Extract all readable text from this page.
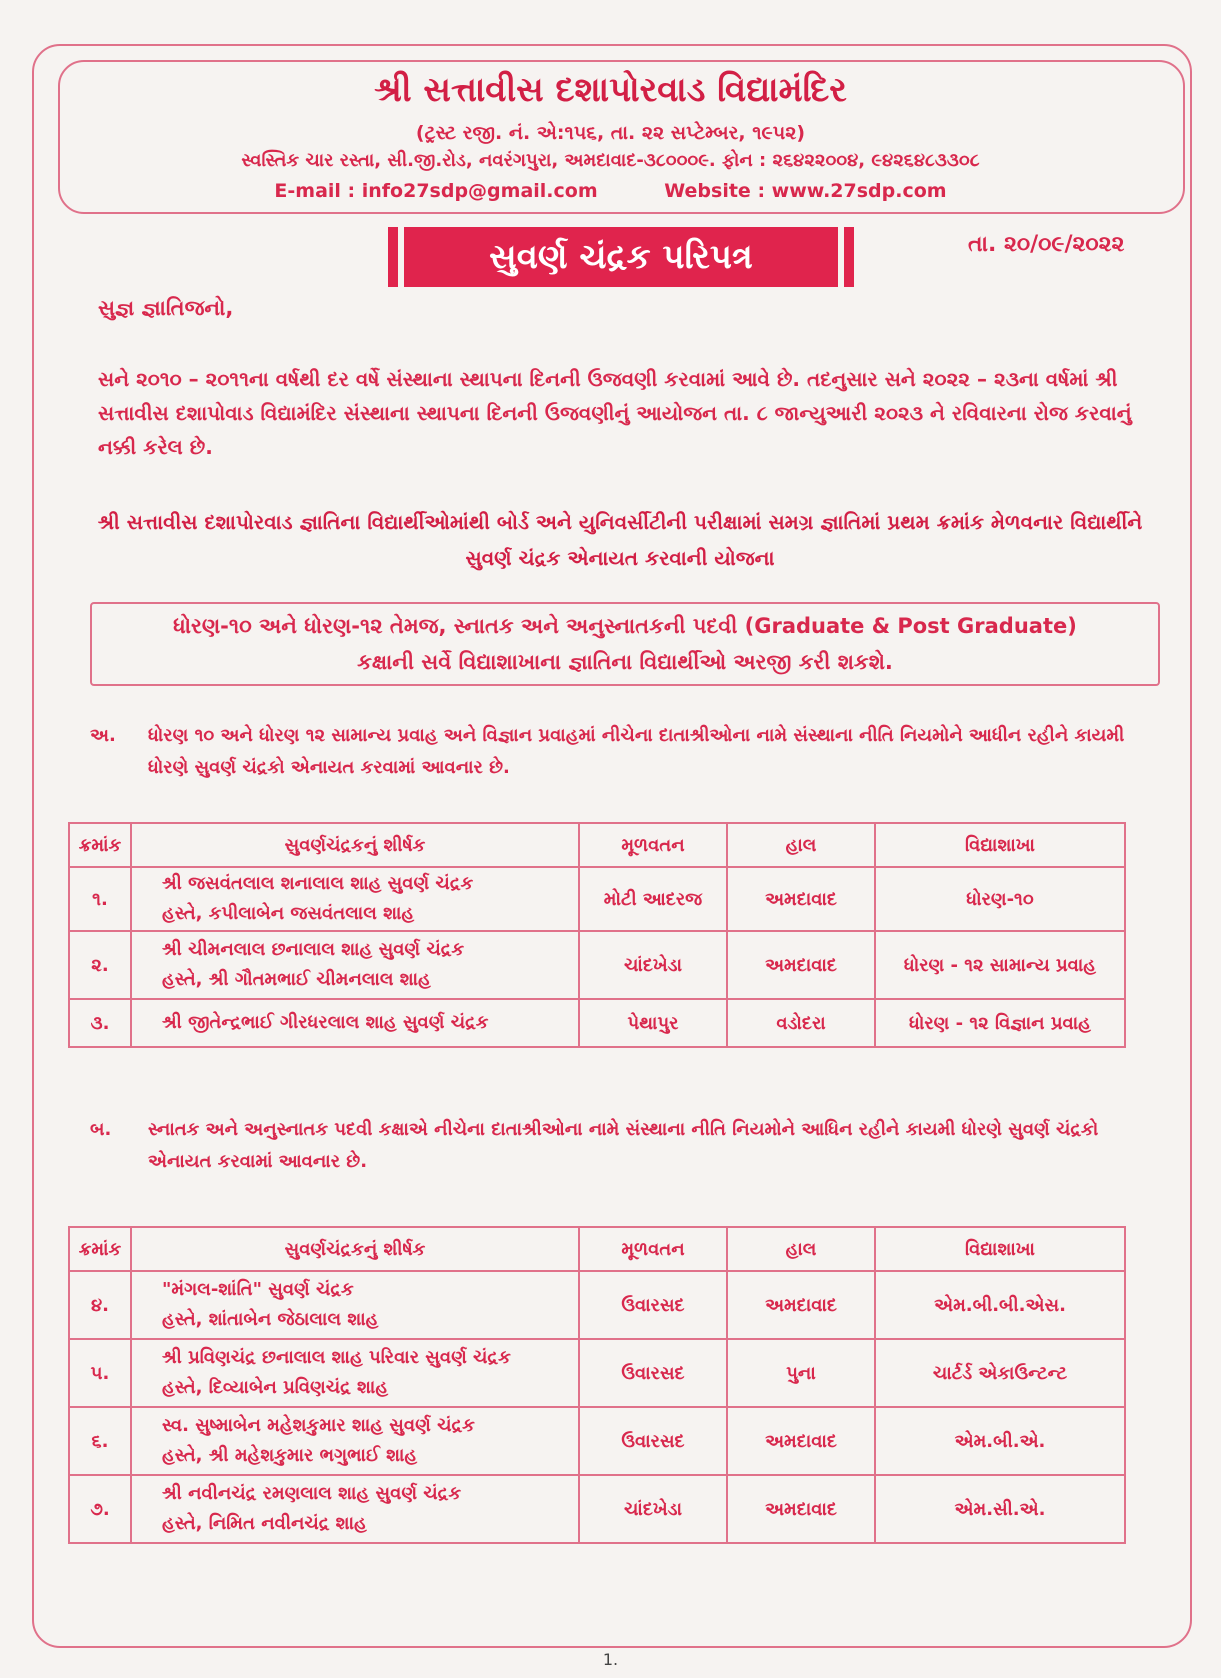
શ્રી સત્તાવીસ દશાપોરવાડ વિદ્યામંદિર
(ટ્રસ્ટ રજી. નં. એ:૧૫૬, તા. ૨૨ સપ્ટેમ્બર, ૧૯૫૨)
સ્વસ્તિક ચાર રસ્તા, સી.જી.રોડ, નવરંગપુરા, અમદાવાદ-૩૮૦૦૦૯. ફોન : ૨૬૪૨૨૦૦૪, ૯૪૨૬૪૮૩૩૦૮
E-mail : info27sdp@gmail.com	Website : www.27sdp.com
સુવર્ણ ચંદ્રક પરિપત્ર	તા. ૨૦/૦૯/૨૦૨૨
સુજ્ઞ જ્ઞાતિજનો,
સને ૨૦૧૦ – ૨૦૧૧ના વર્ષથી દર વર્ષે સંસ્થાના સ્થાપના દિનની ઉજવણી કરવામાં આવે છે. તદનુસાર સને ૨૦૨૨ – ૨૩ના વર્ષમાં શ્રી સત્તાવીસ દશાપોવાડ વિદ્યામંદિર સંસ્થાના સ્થાપના દિનની ઉજવણીનું આયોજન તા. ૮ જાન્યુઆરી ૨૦૨૩ ને રવિવારના રોજ કરવાનું નક્કી કરેલ છે.
શ્રી સત્તાવીસ દશાપોરવાડ જ્ઞાતિના વિદ્યાર્થીઓમાંથી બોર્ડ અને યુનિવર્સીટીની પરીક્ષામાં સમગ્ર જ્ઞાતિમાં પ્રથમ ક્રમાંક મેળવનાર વિદ્યાર્થીને સુવર્ણ ચંદ્રક એનાયત કરવાની યોજના
ધોરણ-૧૦ અને ધોરણ-૧૨ તેમજ, સ્નાતક અને અનુસ્નાતકની પદવી (Graduate & Post Graduate)
કક્ષાની સર્વે વિદ્યાશાખાના જ્ઞાતિના વિદ્યાર્થીઓ અરજી કરી શકશે.
અ.	ધોરણ ૧૦ અને ધોરણ ૧૨ સામાન્ય પ્રવાહ અને વિજ્ઞાન પ્રવાહમાં નીચેના દાતાશ્રીઓના નામે સંસ્થાના નીતિ નિયમોને આધીન રહીને કાયમી ધોરણે સુવર્ણ ચંદ્રકો એનાયત કરવામાં આવનાર છે.
ક્રમાંક	સુવર્ણચંદ્રકનું શીર્ષક	મૂળવતન	હાલ	વિદ્યાશાખા
૧.	શ્રી જસવંતલાલ શનાલાલ શાહ સુવર્ણ ચંદ્રક
હસ્તે, કપીલાબેન જસવંતલાલ શાહ	મોટી આદરજ	અમદાવાદ	ધોરણ-૧૦
૨.	શ્રી ચીમનલાલ છનાલાલ શાહ સુવર્ણ ચંદ્રક
હસ્તે, શ્રી ગૌતમભાઈ ચીમનલાલ શાહ	ચાંદખેડા	અમદાવાદ	ધોરણ - ૧૨ સામાન્ય પ્રવાહ
૩.	શ્રી જીતેન્દ્રભાઈ ગીરધરલાલ શાહ સુવર્ણ ચંદ્રક	પેથાપુર	વડોદરા	ધોરણ - ૧૨ વિજ્ઞાન પ્રવાહ
બ.	સ્નાતક અને અનુસ્નાતક પદવી કક્ષાએ નીચેના દાતાશ્રીઓના નામે સંસ્થાના નીતિ નિયમોને આધિન રહીને કાયમી ધોરણે સુવર્ણ ચંદ્રકો એનાયત કરવામાં આવનાર છે.
ક્રમાંક	સુવર્ણચંદ્રકનું શીર્ષક	મૂળવતન	હાલ	વિદ્યાશાખા
૪.	"મંગલ-શાંતિ" સુવર્ણ ચંદ્રક
હસ્તે, શાંતાબેન જેઠાલાલ શાહ	ઉવારસદ	અમદાવાદ	એમ.બી.બી.એસ.
૫.	શ્રી પ્રવિણચંદ્ર છનાલાલ શાહ પરિવાર સુવર્ણ ચંદ્રક
હસ્તે, દિવ્યાબેન પ્રવિણચંદ્ર શાહ	ઉવારસદ	પુના	ચાર્ટર્ડ એકાઉન્ટન્ટ
૬.	સ્વ. સુષ્માબેન મહેશકુમાર શાહ સુવર્ણ ચંદ્રક
હસ્તે, શ્રી મહેશકુમાર ભગુભાઈ શાહ	ઉવારસદ	અમદાવાદ	એમ.બી.એ.
૭.	શ્રી નવીનચંદ્ર રમણલાલ શાહ સુવર્ણ ચંદ્રક
હસ્તે, નિમિત નવીનચંદ્ર શાહ	ચાંદખેડા	અમદાવાદ	એમ.સી.એ.
1.
